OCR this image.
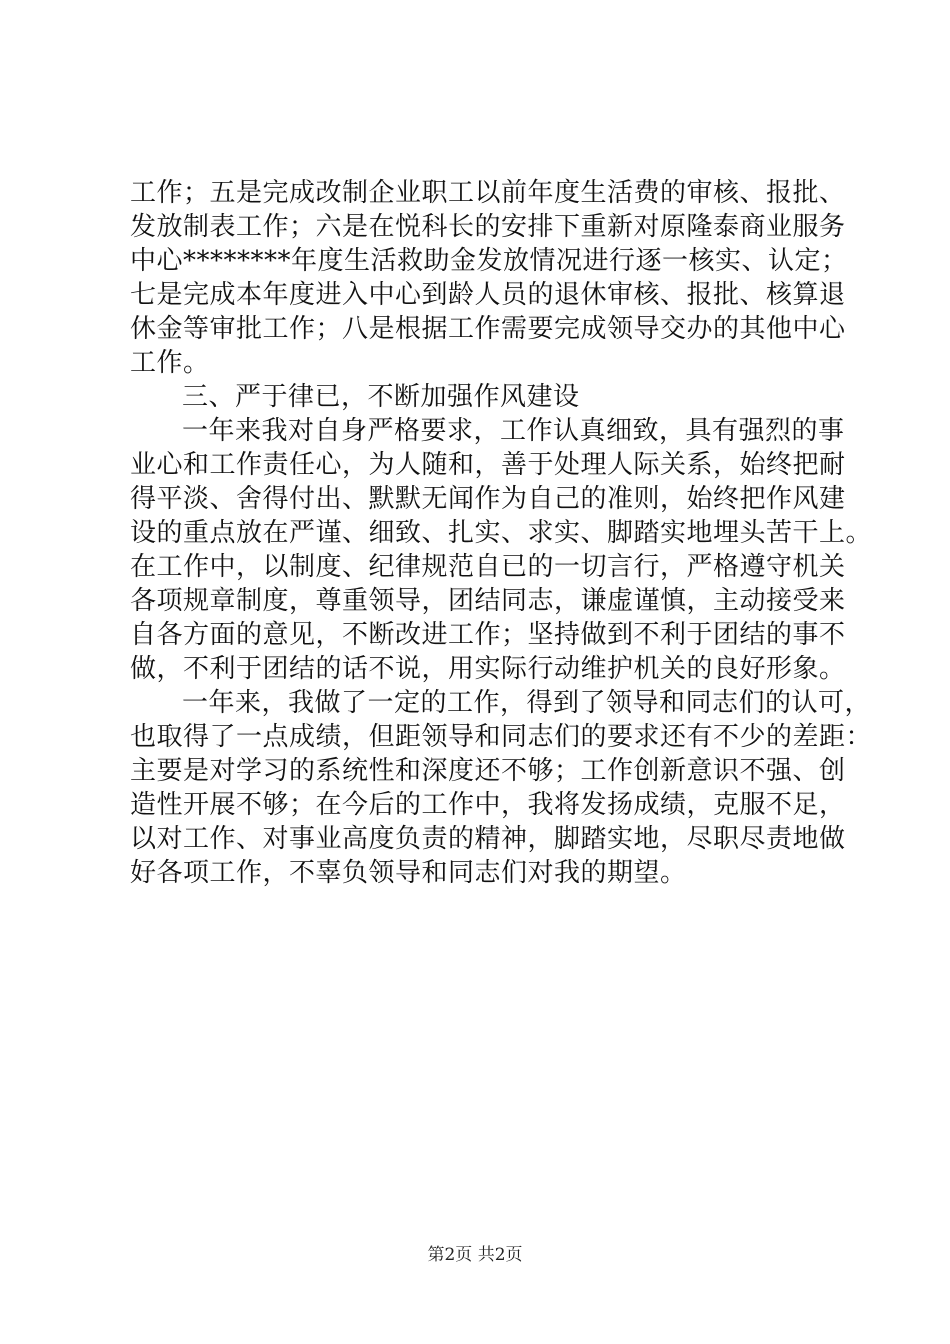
工作；五是完成改制企业职工以前年度生活费的审核、报批、
发放制表工作；六是在悦科长的安排下重新对原隆泰商业服务
中心********年度生活救助金发放情况进行逐一核实、认定；
七是完成本年度进入中心到龄人员的退休审核、报批、核算退
休金等审批工作；八是根据工作需要完成领导交办的其他中心
工作。
三、严于律已，不断加强作风建设
一年来我对自身严格要求，工作认真细致，具有强烈的事
业心和工作责任心，为人随和，善于处理人际关系，始终把耐
得平淡、舍得付出、默默无闻作为自己的准则，始终把作风建
设的重点放在严谨、细致、扎实、求实、脚踏实地埋头苦干上。
在工作中，以制度、纪律规范自已的一切言行，严格遵守机关
各项规章制度，尊重领导，团结同志，谦虚谨慎，主动接受来
自各方面的意见，不断改进工作；坚持做到不利于团结的事不
做，不利于团结的话不说，用实际行动维护机关的良好形象。
一年来，我做了一定的工作，得到了领导和同志们的认可，
也取得了一点成绩，但距领导和同志们的要求还有不少的差距：
主要是对学习的系统性和深度还不够；工作创新意识不强、创
造性开展不够；在今后的工作中，我将发扬成绩，克服不足，
以对工作、对事业高度负责的精神，脚踏实地，尽职尽责地做
好各项工作，不辜负领导和同志们对我的期望。
第2页 共2页
